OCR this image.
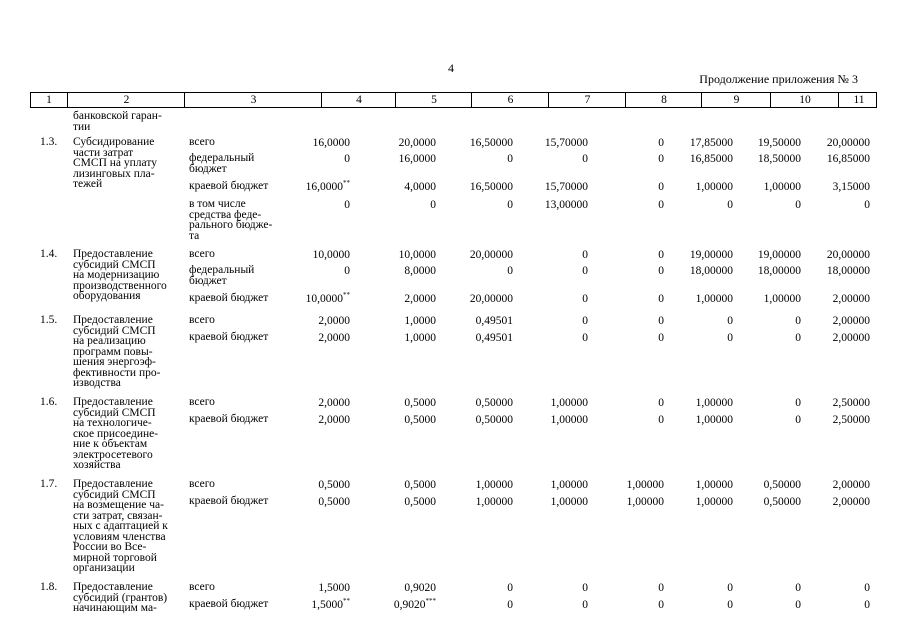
4
Продолжение приложения № 3
1	2	3	4	5	6	7	8	9	10	11
банковской гаран-
тии
1.3. Субсидирование
части затрат
СМСП на уплату
лизинговых пла-
тежей
всего	16,0000	20,0000	16,50000	15,70000	0 17,85000 19,50000 20,00000
федеральный
бюджет
0	16,0000	0	0	0 16,85000 18,50000 16,85000
краевой бюджет	16,0000**	4,0000	16,50000	15,70000	0	1,00000	1,00000	3,15000
в том числе
средства феде-
рального бюдже-
та
0	0	0	13,00000	0	0	0	0
1.4. Предоставление
субсидий СМСП
на модернизацию
производственного
оборудования
всего	10,0000	10,0000	20,00000	0	0 19,00000 19,00000 20,00000
федеральный
бюджет
0	8,0000	0	0	0 18,00000 18,00000 18,00000
краевой бюджет	10,0000**	2,0000	20,00000	0	0	1,00000	1,00000	2,00000
1.5. Предоставление
субсидий СМСП
на реализацию
программ повы-
шения энергоэф-
фективности про-
изводства
всего	2,0000	1,0000	0,49501	0	0	0	0	2,00000
краевой бюджет	2,0000	1,0000	0,49501	0	0	0	0	2,00000
1.6. Предоставление
субсидий СМСП
на технологиче-
ское присоедине-
ние к объектам
электросетевого
хозяйства
всего	2,0000	0,5000	0,50000	1,00000	0	1,00000	0	2,50000
краевой бюджет	2,0000	0,5000	0,50000	1,00000	0	1,00000	0	2,50000
1.7. Предоставление
субсидий СМСП
на возмещение ча-
сти затрат, связан-
ных с адаптацией к
условиям членства
России во Все-
мирной торговой
организации
всего	0,5000	0,5000	1,00000	1,00000	1,00000	1,00000	0,50000	2,00000
краевой бюджет	0,5000	0,5000	1,00000	1,00000	1,00000	1,00000	0,50000	2,00000
1.8. Предоставление
субсидий (грантов)
начинающим ма-
всего	1,5000	0,9020	0	0	0	0	0	0
краевой бюджет	1,5000**	0,9020***	0	0	0	0	0	0
